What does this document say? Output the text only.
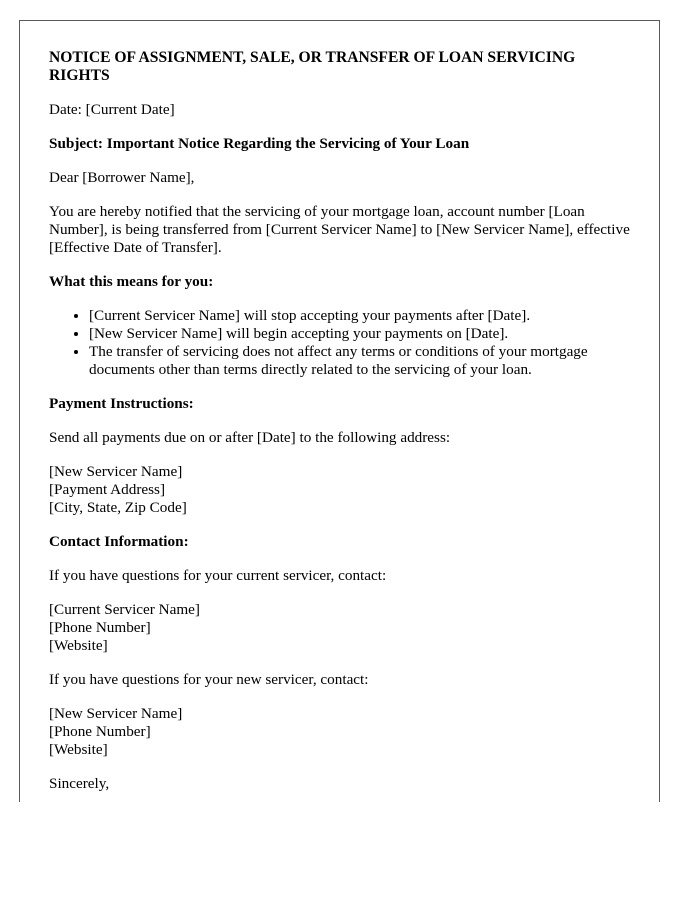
NOTICE OF ASSIGNMENT, SALE, OR TRANSFER OF LOAN SERVICING RIGHTS

Date: [Current Date]

Subject: Important Notice Regarding the Servicing of Your Loan

Dear [Borrower Name],

You are hereby notified that the servicing of your mortgage loan, account number [Loan Number], is being transferred from [Current Servicer Name] to [New Servicer Name], effective [Effective Date of Transfer].

What this means for you:

• [Current Servicer Name] will stop accepting your payments after [Date].
• [New Servicer Name] will begin accepting your payments on [Date].
• The transfer of servicing does not affect any terms or conditions of your mortgage documents other than terms directly related to the servicing of your loan.

Payment Instructions:

Send all payments due on or after [Date] to the following address:

[New Servicer Name]
[Payment Address]
[City, State, Zip Code]

Contact Information:

If you have questions for your current servicer, contact:

[Current Servicer Name]
[Phone Number]
[Website]

If you have questions for your new servicer, contact:

[New Servicer Name]
[Phone Number]
[Website]

Sincerely,
